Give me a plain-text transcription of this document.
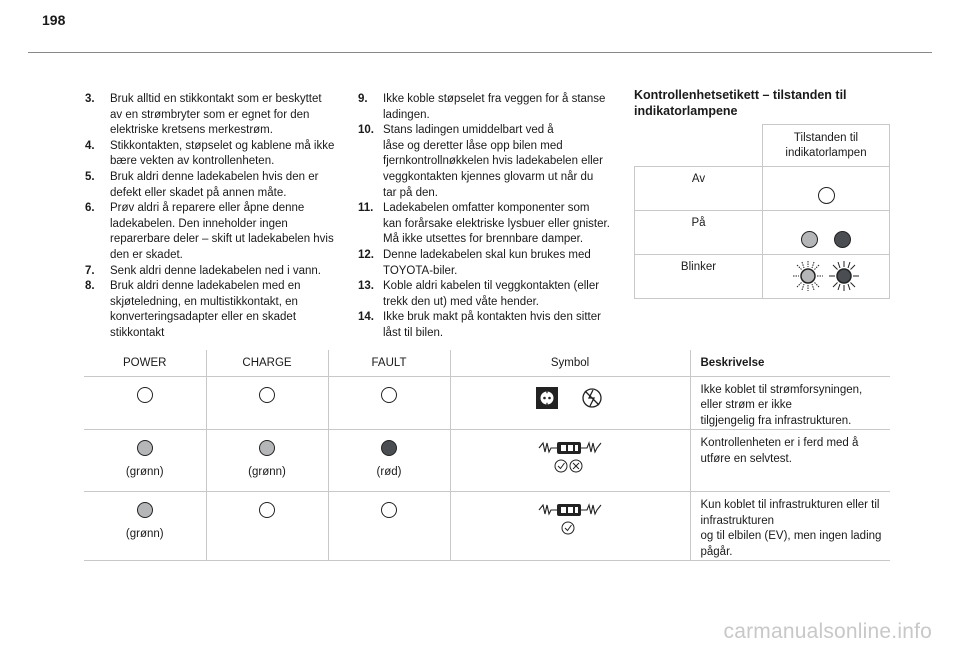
198
3.	Bruk alltid en stikkontakt som er beskyttet
av en strømbryter som er egnet for den
elektriske kretsens merkestrøm.
4.	Stikkontakten, støpselet og kablene må ikke
bære vekten av kontrollenheten.
5.	Bruk aldri denne ladekabelen hvis den er
defekt eller skadet på annen måte.
6.	Prøv aldri å reparere eller åpne denne
ladekabelen. Den inneholder ingen
reparerbare deler – skift ut ladekabelen hvis
den er skadet.
7.	Senk aldri denne ladekabelen ned i vann.
8.	Bruk aldri denne ladekabelen med en
skjøteledning, en multistikkontakt, en
konverteringsadapter eller en skadet
stikkontakt
9.	Ikke koble støpselet fra veggen for å stanse
ladingen.
10. Stans ladingen umiddelbart ved å
låse og deretter låse opp bilen med
fjernkontrollnøkkelen hvis ladekabelen eller
veggkontakten kjennes glovarm ut når du
tar på den.
11. Ladekabelen omfatter komponenter som
kan forårsake elektriske lysbuer eller gnister.
Må ikke utsettes for brennbare damper.
12. Denne ladekabelen skal kun brukes med
TOYOTA-biler.
13. Koble aldri kabelen til veggkontakten (eller
trekk den ut) med våte hender.
14. Ikke bruk makt på kontakten hvis den sitter
låst til bilen.
Kontrollenhetsetikett – tilstanden til
indikatorlampene
	Tilstanden til
indikatorlampen
Av	
På	
Blinker	
POWER	CHARGE	FAULT	Symbol	Beskrivelse
				Ikke koblet til strømforsyningen, eller strøm er ikke
tilgjengelig fra infrastrukturen.

(grønn)	(grønn)	(rød)		Kontrollenheten er i ferd med å utføre en selvtest.

(grønn)				Kun koblet til infrastrukturen eller til infrastrukturen
og til elbilen (EV), men ingen lading pågår.
carmanualsonline.info
